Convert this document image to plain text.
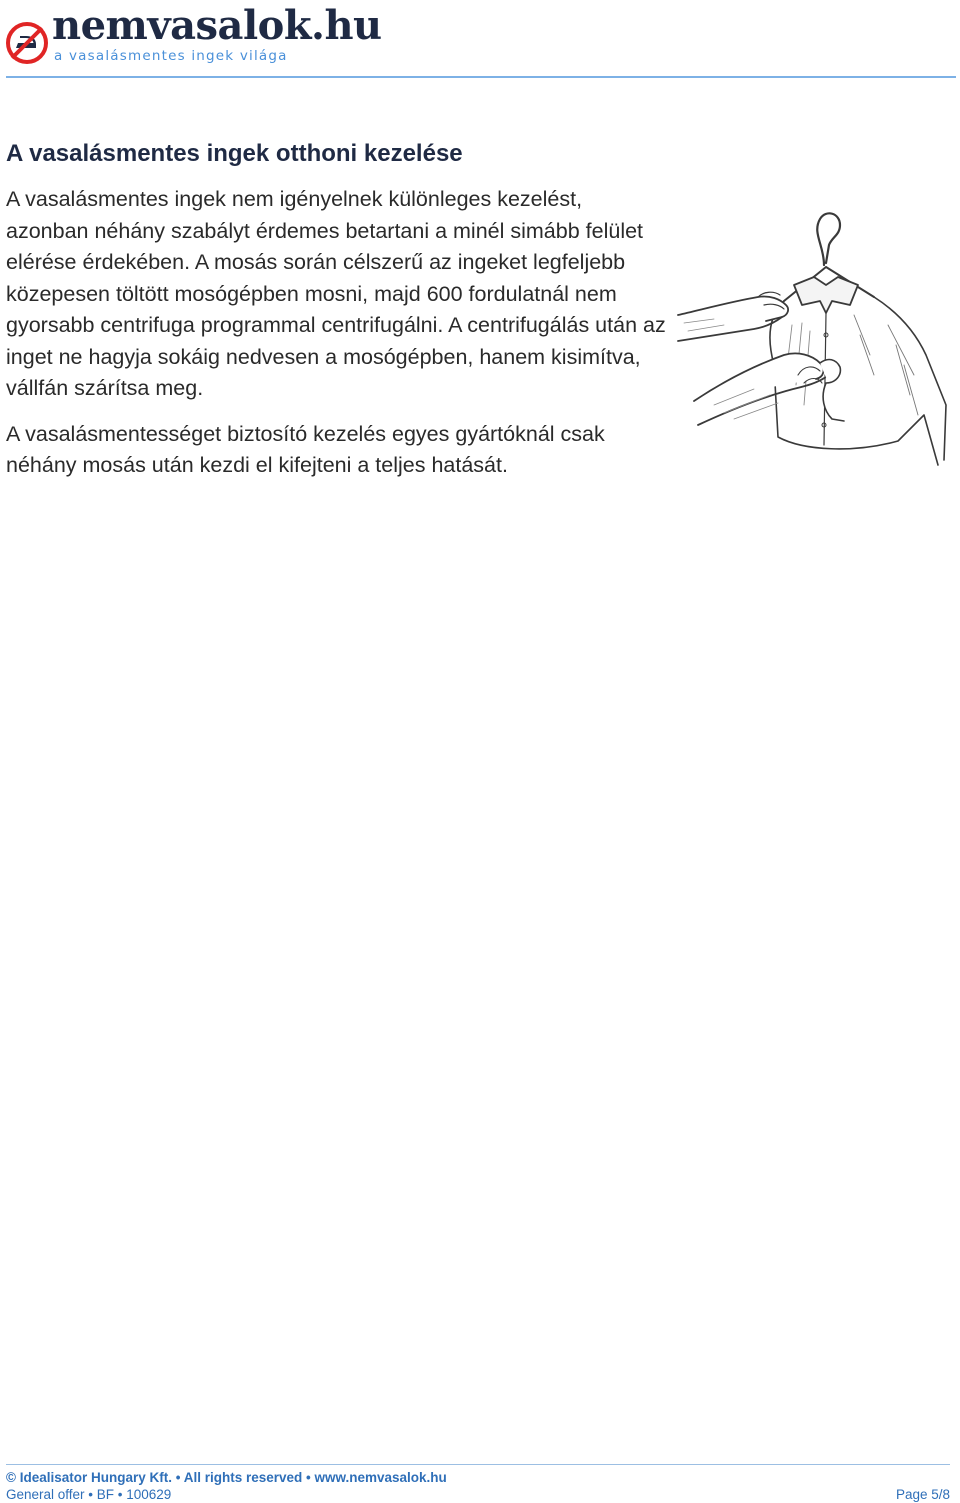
nemvasalok.hu
a vasalásmentes ingek világa
A vasalásmentes ingek otthoni kezelése

A vasalásmentes ingek nem igényelnek különleges kezelést, azonban néhány szabályt érdemes betartani a minél simább felület elérése érdekében. A mosás során célszerű az ingeket legfeljebb közepesen töltött mosógépben mosni, majd 600 fordulatnál nem gyorsabb centrifuga programmal centrifugálni. A centrifugálás után az inget ne hagyja sokáig nedvesen a mosógépben, hanem kisimítva, vállfán szárítsa meg.

A vasalásmentességet biztosító kezelés egyes gyártóknál csak néhány mosás után kezdi el kifejteni a teljes hatását.

© Idealisator Hungary Kft. • All rights reserved • www.nemvasalok.hu
General offer • BF • 100629	Page 5/8
